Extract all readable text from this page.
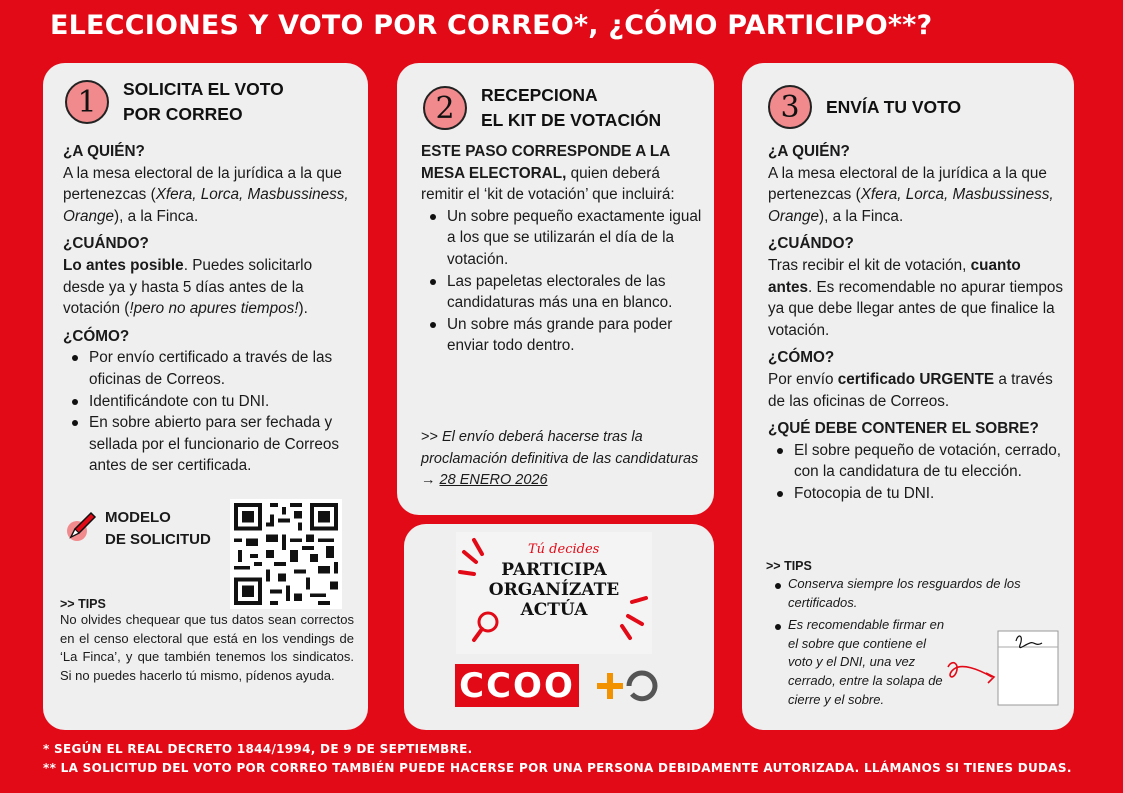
ELECCIONES Y VOTO POR CORREO*, ¿CÓMO PARTICIPO**?
1	SOLICITA EL VOTO
POR CORREO
¿A QUIÉN?
A la mesa electoral de la jurídica a la que pertenezcas (Xfera, Lorca, Masbussiness, Orange), a la Finca.
¿CUÁNDO?
Lo antes posible. Puedes solicitarlo desde ya y hasta 5 días antes de la votación (!pero no apures tiempos!).
¿CÓMO?
Por envío certificado a través de las oficinas de Correos.
Identificándote con tu DNI.
En sobre abierto para ser fechada y sellada por el funcionario de Correos antes de ser certificada.
MODELO
DE SOLICITUD
>> TIPS
No olvides chequear que tus datos sean correctos en el censo electoral que está en los vendings de ‘La Finca’, y que también tenemos los sindicatos. Si no puedes hacerlo tú mismo, pídenos ayuda.
2	RECEPCIONA
EL KIT DE VOTACIÓN
ESTE PASO CORRESPONDE A LA MESA ELECTORAL, quien deberá remitir el ‘kit de votación’ que incluirá:
Un sobre pequeño exactamente igual a los que se utilizarán el día de la votación.
Las papeletas electorales de las candidaturas más una en blanco.
Un sobre más grande para poder enviar todo dentro.
>> El envío deberá hacerse tras la proclamación definitiva de las candidaturas → 28 ENERO 2026
Tú decides
PARTICIPA
ORGANÍZATE
ACTÚA
CCOO
3	ENVÍA TU VOTO
¿A QUIÉN?
A la mesa electoral de la jurídica a la que pertenezcas (Xfera, Lorca, Masbussiness, Orange), a la Finca.
¿CUÁNDO?
Tras recibir el kit de votación, cuanto antes. Es recomendable no apurar tiempos ya que debe llegar antes de que finalice la votación.
¿CÓMO?
Por envío certificado URGENTE a través de las oficinas de Correos.
¿QUÉ DEBE CONTENER EL SOBRE?
El sobre pequeño de votación, cerrado, con la candidatura de tu elección.
Fotocopia de tu DNI.
>> TIPS
Conserva siempre los resguardos de los certificados.
Es recomendable firmar en el sobre que contiene el voto y el DNI, una vez cerrado, entre la solapa de cierre y el sobre.
* SEGÚN EL REAL DECRETO 1844/1994, DE 9 DE SEPTIEMBRE.
** LA SOLICITUD DEL VOTO POR CORREO TAMBIÉN PUEDE HACERSE POR UNA PERSONA DEBIDAMENTE AUTORIZADA. LLÁMANOS SI TIENES DUDAS.
